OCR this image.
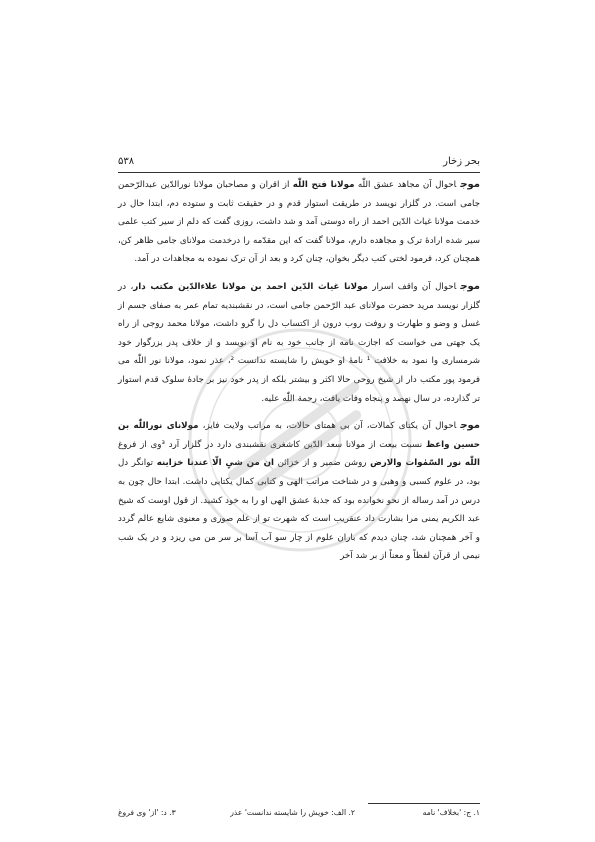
۵۳۸	بحر زخار

موجاحوال آن مجاهد عشق اللّٰه مولانا فتح اللّٰه از اقران و مصاحبان مولانا نورالدّین عبدالرّحمن جامی است. در گلزار نویسد در طریقت استوار قدم و در حقیقت ثابت و ستوده دم، ابتدا حال در خدمت مولانا غیاث الدّین احمد از راه دوستی آمد و شد داشت، روزی گفت که دلم از سیر کتب علمی سیر شده ارادۀ ترک و مجاهده دارم، مولانا گفت که این مقدّمه را درخدمت مولانای جامی ظاهر کن، همچنان کرد، فرمود لختی کتب دیگر بخوان، چنان کرد و بعد از آن ترک نموده به مجاهدات در آمد.

موجاحوال آن واقف اسرار مولانا غیاث الدّین احمد بن مولانا علاءالدّین مکتب دار، در گلزار نویسد مرید حضرت مولانای عبد الرّحمن جامی است، در نقشبندیه تمام عمر به صفای جسم از غسل و وضو و طهارت و روفت روب درون از اکتساب دل را گرو داشت، مولانا محمد روجی از راه یک جهتی می خواست که اجازت نامه از جانب خود به نام او نویسد و از خلاف پدر بزرگوار خود شرمساری وا نمود به خلافت ¹ نامۀ او خویش را شایسته ندانست ²، عذر نمود، مولانا نور اللّٰه می فرمود پور مکتب دار از شیخ روحی حالا اکثر و بیشتر بلکه از پدر خود نیز بر جادۀ سلوک قدم استوار تر گذارده، در سال نهصد و پنجاه وفات یافت، رحمة اللّٰه علیه.

موجاحوال آن یکتای کمالات، آن بی همتای حالات، به مراتب ولایت فایز، مولانای نوراللّٰه بن حسین واعظ نسبت بیعت از مولانا سعد الدّین کاشغری نقشبندی دارد در گلزار آرد ³وی از فروغ اللّٰه نور السّمٰوات والارض روشن ضمیر و از خزائن ان من شیٍ الّا عندنا خزاینه توانگر دل بود، در علوم کسبی و وهبی و در شناخت مراتب الهی و کتابی کمال یکتایی داشت. ابتدا حال چون به درس در آمد رساله از نحو نخوانده بود که جذبۀ عشق الهی او را به خود کشید. از قول اوست که شیخ عبد الکریم یمنی مرا بشارت داد عنقریب است که شهرت تو از علم صوری و معنوی شایع عالم گردد و آخر همچنان شد، چنان دیدم که باران علوم از چار سو آب آسا بر سر من می ریزد و در یک شب نیمی از قرآن لفظاً و معناً از بر شد آخر

۱. ج: 'بخلاف' نامه
۲. الف: خویش را شایسته ندانست' عذر
۳. د: 'از' وی فروغ
